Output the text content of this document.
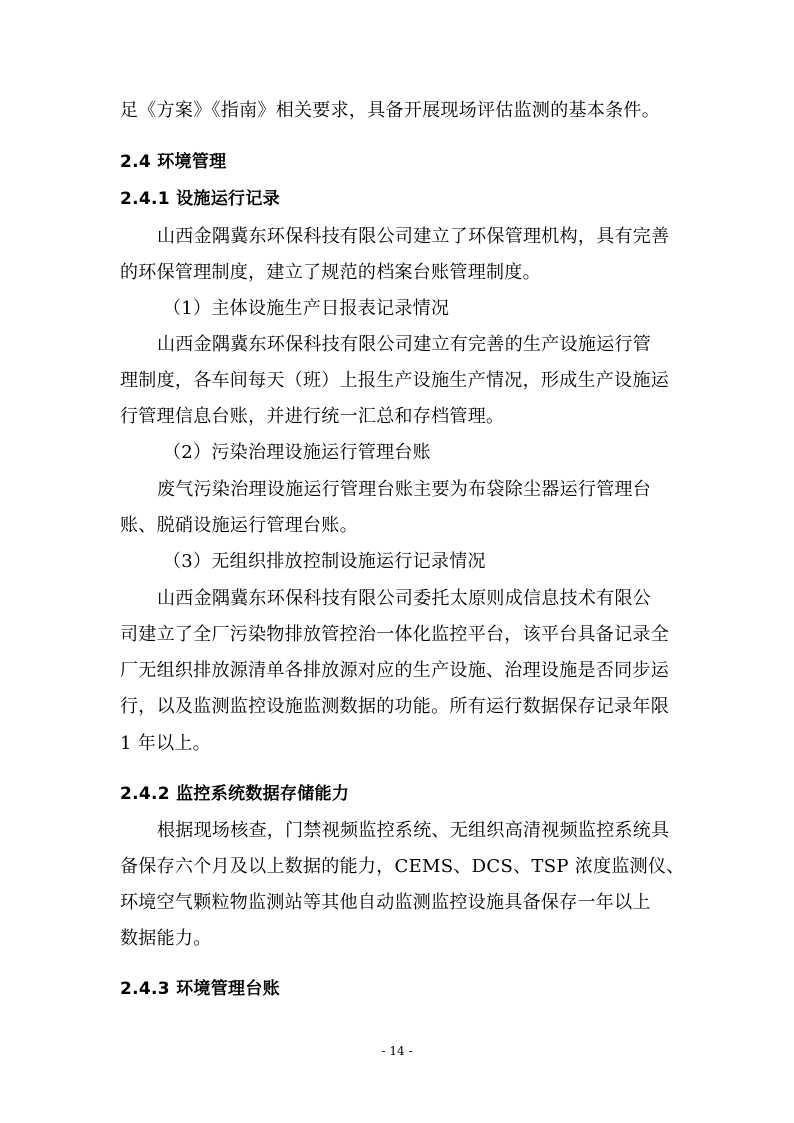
足《方案》《指南》相关要求，具备开展现场评估监测的基本条件。
2.4 环境管理
2.4.1 设施运行记录
山西金隅冀东环保科技有限公司建立了环保管理机构，具有完善
的环保管理制度，建立了规范的档案台账管理制度。
（1）主体设施生产日报表记录情况
山西金隅冀东环保科技有限公司建立有完善的生产设施运行管
理制度，各车间每天（班）上报生产设施生产情况，形成生产设施运
行管理信息台账，并进行统一汇总和存档管理。
（2）污染治理设施运行管理台账
废气污染治理设施运行管理台账主要为布袋除尘器运行管理台
账、脱硝设施运行管理台账。
（3）无组织排放控制设施运行记录情况
山西金隅冀东环保科技有限公司委托太原则成信息技术有限公
司建立了全厂污染物排放管控治一体化监控平台，该平台具备记录全
厂无组织排放源清单各排放源对应的生产设施、治理设施是否同步运
行，以及监测监控设施监测数据的功能。所有运行数据保存记录年限
1 年以上。
2.4.2 监控系统数据存储能力
根据现场核查，门禁视频监控系统、无组织高清视频监控系统具
备保存六个月及以上数据的能力，CEMS、DCS、TSP 浓度监测仪、
环境空气颗粒物监测站等其他自动监测监控设施具备保存一年以上
数据能力。
2.4.3 环境管理台账
- 14 -
